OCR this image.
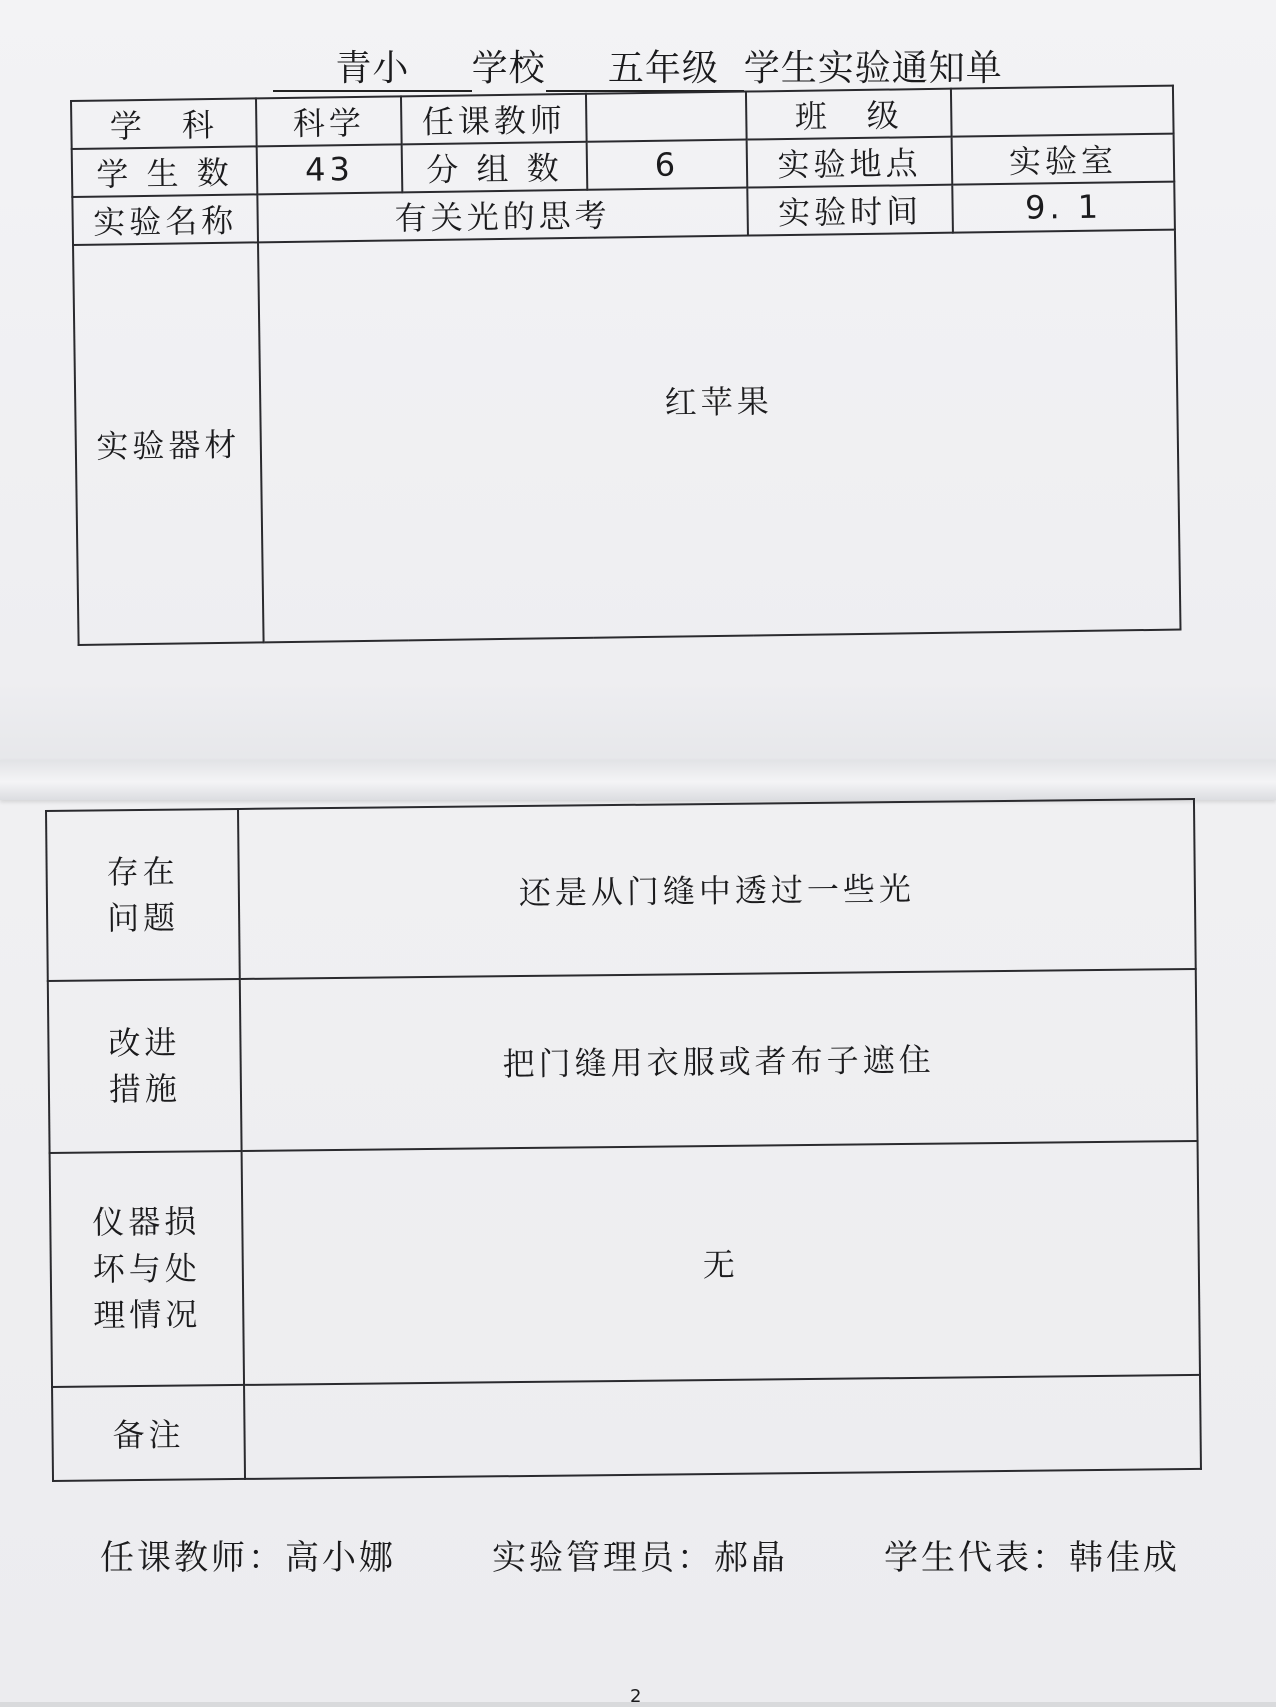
青小 学校 五年级 学生实验通知单
学　科	科学	任课教师		班　级	
学 生 数	43	分 组 数	6	实验地点	实验室
实验名称	有关光的思考			实验时间	9. 1
实验器材	红苹果				
存在
问题	还是从门缝中透过一些光

改进
措施	把门缝用衣服或者布子遮住

仪器损
坏与处
理情况	无
备注	
任课教师：高小娜	实验管理员：郝晶	学生代表：韩佳成
2
